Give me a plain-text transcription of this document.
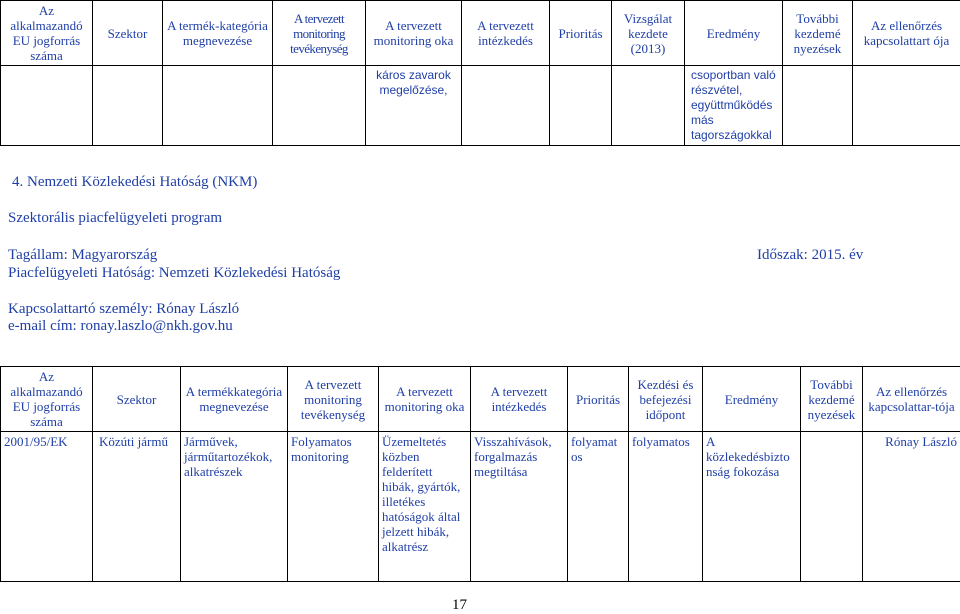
Az alkalmazandó EU jogforrás száma	Szektor	A termék-kategória megnevezése	A tervezett monitoring tevékenység	A tervezett monitoring oka	A tervezett intézkedés	Prioritás	Vizsgálat kezdete (2013)	Eredmény	További kezdemé nyezések	Az ellenőrzés kapcsolattart ója
				káros zavarok megelőzése,				csoportban való részvétel, együttműködés más tagországokkal		
4. Nemzeti Közlekedési Hatóság (NKM)
Szektorális piacfelügyeleti program
Tagállam: Magyarország	Időszak: 2015. év
Piacfelügyeleti Hatóság: Nemzeti Közlekedési Hatóság
Kapcsolattartó személy: Rónay László
e-mail cím: ronay.laszlo@nkh.gov.hu
Az alkalmazandó EU jogforrás száma	Szektor	A termékkategória megnevezése	A tervezett monitoring tevékenység	A tervezett monitoring oka	A tervezett intézkedés	Prioritás	Kezdési és befejezési időpont	Eredmény	További kezdemé nyezések	Az ellenőrzés kapcsolattar-tója
2001/95/EK	Közúti jármű	Járművek, járműtartozékok, alkatrészek	Folyamatos monitoring	Üzemeltetés közben felderített hibák, gyártók, illetékes hatóságok által jelzett hibák, alkatrész	Visszahívások, forgalmazás megtiltása	folyamat os	folyamatos	A közlekedésbizto nság fokozása		Rónay László
17
